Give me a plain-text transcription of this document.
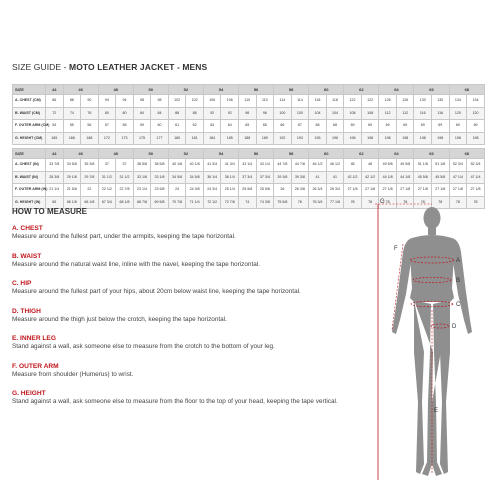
SIZE GUIDE - MOTO LEATHER JACKET - MENS
SIZE	44	46		48		50		52		54		56		58		60		62		64		66		68	
A. CHEST (CM)	86	88	90	94	94	98	98	102	102	106	106	110	110	114	114	118	118	122	122	126	126	130	130	134	134
B. WAIST (CM)	72	74	76	80	80	84	84	88	88	92	92	96	96	100	100	104	104	108	108	112	112	116	116	120	120
F. OUTER ARM (CM)	54	55	56	57	58	59	60	61	62	63	64	65	65	66	67	68	68	69	69	69	69	69	69	69	69
G. HEIGHT (CM)	165	168	168	172	173	175	177	180	181	184	185	188	189	192	193	195	196	198	198	198	198	198	198	198	198
SIZE	44	46		48		50		52		54		56		58		60		62		64		66		68	
A. CHEST (IN)	33 7/8	34 5/8	35 3/8	37	37	38 5/8	38 5/8	40 1/8	40 1/8	41 3/4	41 3/4	43 1/4	43 1/4	44 7/8	44 7/8	46 1/2	46 1/2	48	48	49 5/8	49 5/8	51 1/8	51 1/8	52 3/4	52 3/4
B. WAIST (IN)	28 3/8	29 1/8	29 7/8	31 1/2	31 1/2	33 1/8	33 1/8	34 5/8	34 5/8	36 1/4	36 1/4	37 3/4	37 3/4	39 3/8	39 3/8	41	41	42 1/2	42 1/2	44 1/8	44 1/8	45 5/8	45 5/8	47 1/4	47 1/4
F. OUTER ARM (IN)	21 1/4	21 5/8	22	22 1/2	22 7/8	23 1/4	23 5/8	24	24 3/8	24 3/4	25 1/4	25 5/8	25 5/8	26	26 3/8	26 3/4	26 3/4	27 1/8	27 1/8	27 1/8	27 1/8	27 1/8	27 1/8	27 1/8	27 1/8
G. HEIGHT (IN)	65	66 1/8	66 1/8	67 3/4	68 1/8	68 7/8	69 5/8	70 7/8	71 1/4	72 1/2	72 7/8	74	74 3/8	75 5/8	76	76 3/4	77 1/8	78	78	78	78	78	78	78	78
HOW TO MEASURE
A. CHEST
Measure around the fullest part, under the armpits, keeping the tape horizontal.
B. WAIST
Measure around the natural waist line, inline with the navel, keeping the tape horizontal.
C. HIP
Measure around the fullest part of your hips, about 20cm below waist line, keeping the tape horizontal.
D. THIGH
Measure around the thigh just below the crotch, keeping the tape horizontal.
E. INNER LEG
Stand against a wall, ask someone else to measure from the crotch to the bottom of your leg.
F. OUTER ARM
Measure from shoulder (Humerus) to wrist.
G. HEIGHT
Stand against a wall, ask someone else to measure from the floor to the top of your head, keeping the tape vertical.
G
F
A
B
C
D
E
